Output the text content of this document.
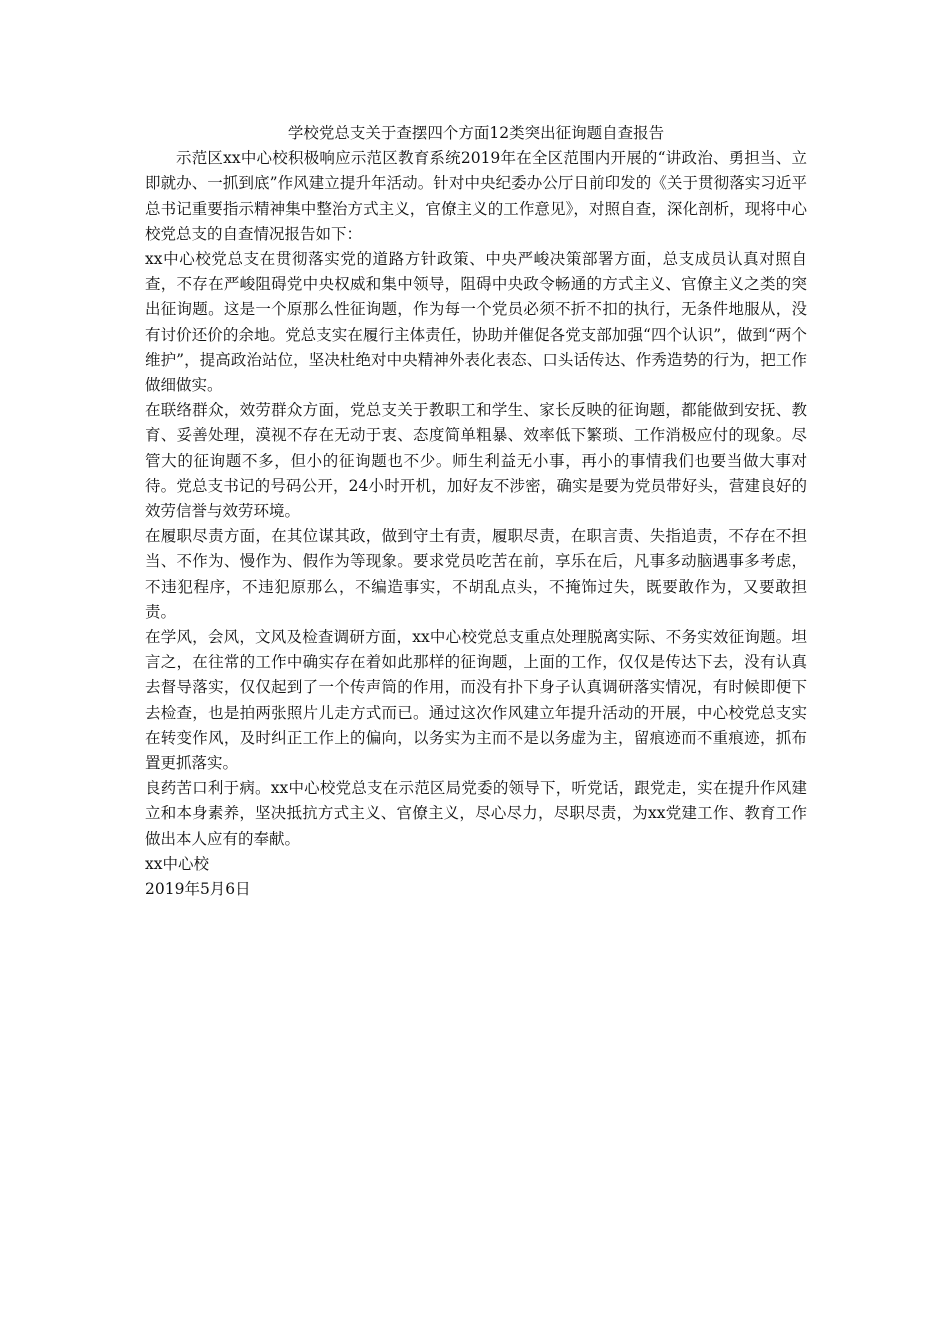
学校党总支关于查摆四个方面12类突出征询题自查报告

示范区xx中心校积极响应示范区教育系统2019年在全区范围内开展的“讲政治、勇担当、立即就办、一抓到底”作风建立提升年活动。针对中央纪委办公厅日前印发的《关于贯彻落实习近平总书记重要指示精神集中整治方式主义，官僚主义的工作意见》，对照自查，深化剖析，现将中心校党总支的自查情况报告如下：

xx中心校党总支在贯彻落实党的道路方针政策、中央严峻决策部署方面，总支成员认真对照自查，不存在严峻阻碍党中央权威和集中领导，阻碍中央政令畅通的方式主义、官僚主义之类的突出征询题。这是一个原那么性征询题，作为每一个党员必须不折不扣的执行，无条件地服从，没有讨价还价的余地。党总支实在履行主体责任，协助并催促各党支部加强“四个认识”，做到“两个维护”，提高政治站位，坚决杜绝对中央精神外表化表态、口头话传达、作秀造势的行为，把工作做细做实。

在联络群众，效劳群众方面，党总支关于教职工和学生、家长反映的征询题，都能做到安抚、教育、妥善处理，漠视不存在无动于衷、态度简单粗暴、效率低下繁琐、工作消极应付的现象。尽管大的征询题不多，但小的征询题也不少。师生利益无小事，再小的事情我们也要当做大事对待。党总支书记的号码公开，24小时开机，加好友不涉密，确实是要为党员带好头，营建良好的效劳信誉与效劳环境。

在履职尽责方面，在其位谋其政，做到守土有责，履职尽责，在职言责、失指追责，不存在不担当、不作为、慢作为、假作为等现象。要求党员吃苦在前，享乐在后，凡事多动脑遇事多考虑，不违犯程序，不违犯原那么，不编造事实，不胡乱点头，不掩饰过失，既要敢作为，又要敢担责。

在学风，会风，文风及检查调研方面，xx中心校党总支重点处理脱离实际、不务实效征询题。坦言之，在往常的工作中确实存在着如此那样的征询题，上面的工作，仅仅是传达下去，没有认真去督导落实，仅仅起到了一个传声筒的作用，而没有扑下身子认真调研落实情况，有时候即便下去检查，也是拍两张照片儿走方式而已。通过这次作风建立年提升活动的开展，中心校党总支实在转变作风，及时纠正工作上的偏向，以务实为主而不是以务虚为主，留痕迹而不重痕迹，抓布置更抓落实。

良药苦口利于病。xx中心校党总支在示范区局党委的领导下，听党话，跟党走，实在提升作风建立和本身素养，坚决抵抗方式主义、官僚主义，尽心尽力，尽职尽责，为xx党建工作、教育工作做出本人应有的奉献。

xx中心校

2019年5月6日
